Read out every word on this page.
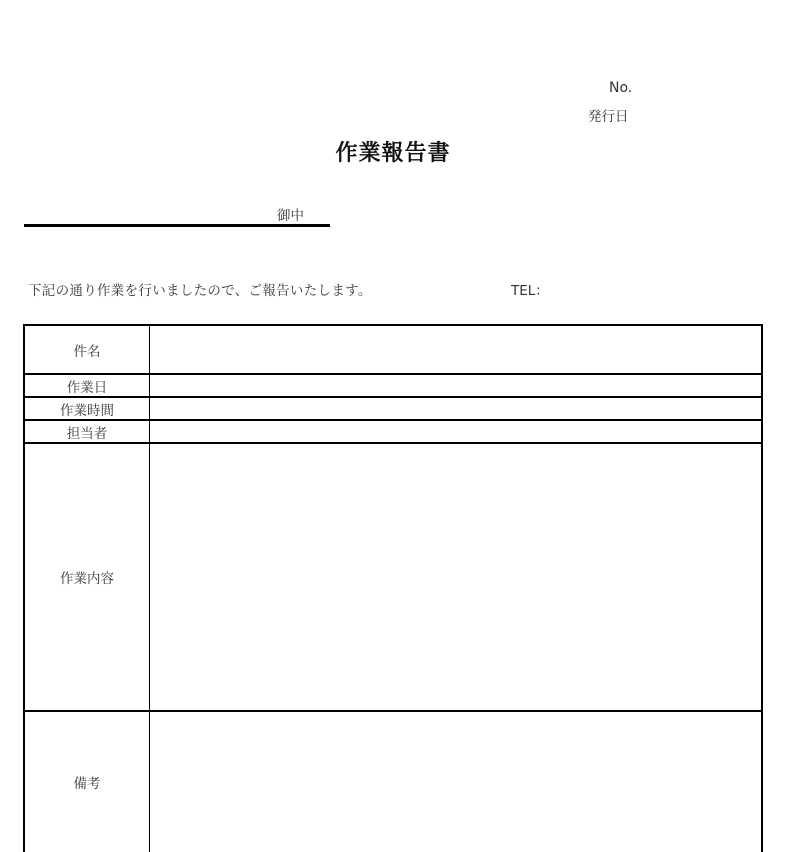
No.
発行日
作業報告書
御中
下記の通り作業を行いましたので、ご報告いたします。	TEL：
件名	
作業日	
作業時間	
担当者	
作業内容	
備考	
